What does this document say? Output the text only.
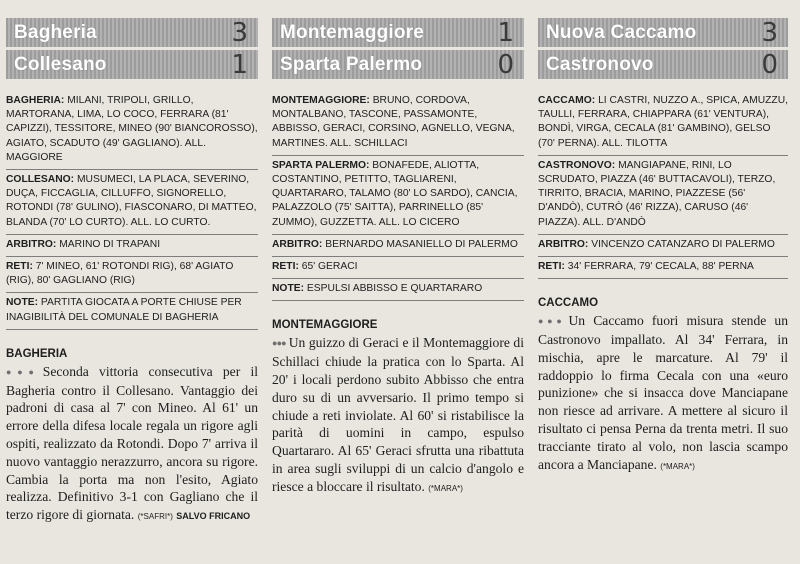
Bagheria	3
Collesano	1
BAGHERIA: MILANI, TRIPOLI, GRILLO, MARTORANA, LIMA, LO COCO, FERRARA (81' CAPIZZI), TESSITORE, MINEO (90' BIANCOROSSO), AGIATO, SCADUTO (49' GAGLIANO). ALL. MAGGIORE
COLLESANO: MUSUMECI, LA PLACA, SEVERINO, DUÇA, FICCAGLIA, CILLUFFO, SIGNORELLO, ROTONDI (78' GULINO), FIASCONARO, DI MATTEO, BLANDA (70' LO CURTO). ALL. LO CURTO.
ARBITRO: MARINO DI TRAPANI
RETI: 7' MINEO, 61' ROTONDI RIG), 68' AGIATO (RIG), 80' GAGLIANO (RIG)
NOTE: PARTITA GIOCATA A PORTE CHIUSE PER INAGIBILITÀ DEL COMUNALE DI BAGHERIA
BAGHERIA

●●● Seconda vittoria consecutiva per il Bagheria contro il Collesano. Vantaggio dei padroni di casa al 7' con Mineo. Al 61' un errore della difesa locale regala un rigore agli ospiti, realizzato da Rotondi. Dopo 7' arriva il nuovo vantaggio nerazzurro, ancora su rigore. Cambia la porta ma non l'esito, Agiato realizza. Definitivo 3-1 con Gagliano che il terzo rigore di giornata. (*SAFRI*) SALVO FRICANO

Montemaggiore	1
Sparta Palermo	0
MONTEMAGGIORE: BRUNO, CORDOVA, MONTALBANO, TASCONE, PASSAMONTE, ABBISSO, GERACI, CORSINO, AGNELLO, VEGNA, MARTINES. ALL. SCHILLACI
SPARTA PALERMO: BONAFEDE, ALIOTTA, COSTANTINO, PETITTO, TAGLIARENI, QUARTARARO, TALAMO (80' LO SARDO), CANCIA, PALAZZOLO (75' SAITTA), PARRINELLO (85' ZUMMO), GUZZETTA. ALL. LO CICERO
ARBITRO: BERNARDO MASANIELLO DI PALERMO
RETI: 65' GERACI
NOTE: ESPULSI ABBISSO E QUARTARARO
MONTEMAGGIORE

●●● Un guizzo di Geraci e il Montemaggiore di Schillaci chiude la pratica con lo Sparta. Al 20' i locali perdono subito Abbisso che entra duro su di un avversario. Il primo tempo si chiude a reti inviolate. Al 60' si ristabilisce la parità di uomini in campo, espulso Quartararo. Al 65' Geraci sfrutta una ribattuta in area sugli sviluppi di un calcio d'angolo e riesce a bloccare il risultato. (*MARA*)

Nuova Caccamo	3
Castronovo	0
CACCAMO: LI CASTRI, NUZZO A., SPICA, AMUZZU, TAULLI, FERRARA, CHIAPPARA (61' VENTURA), BONDÌ, VIRGA, CECALA (81' GAMBINO), GELSO (70' PERNA). ALL. TILOTTA
CASTRONOVO: MANGIAPANE, RINI, LO SCRUDATO, PIAZZA (46' BUTTACAVOLI), TERZO, TIRRITO, BRACIA, MARINO, PIAZZESE (56' D'ANDÒ), CUTRÒ (46' RIZZA), CARUSO (46' PIAZZA). ALL. D'ANDÒ
ARBITRO: VINCENZO CATANZARO DI PALERMO
RETI: 34' FERRARA, 79' CECALA, 88' PERNA
CACCAMO

●●● Un Caccamo fuori misura stende un Castronovo impallato. Al 34' Ferrara, in mischia, apre le marcature. Al 79' il raddoppio lo firma Cecala con una «euro punizione» che si insacca dove Manciapane non riesce ad arrivare. A mettere al sicuro il risultato ci pensa Perna da trenta metri. Il suo tracciante tirato al volo, non lascia scampo ancora a Manciapane. (*MARA*)
